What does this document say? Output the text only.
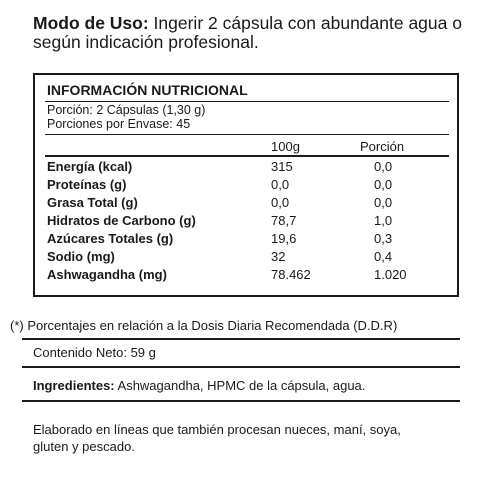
Modo de Uso: Ingerir 2 cápsula con abundante agua o según indicación profesional.
INFORMACIÓN NUTRICIONAL
Porción: 2 Cápsulas (1,30 g)
Porciones por Envase: 45
100g	Porción
Energía (kcal)	315	0,0
Proteínas (g)	0,0	0,0
Grasa Total (g)	0,0	0,0
Hidratos de Carbono (g)	78,7	1,0
Azúcares Totales (g)	19,6	0,3
Sodio (mg)	32	0,4
Ashwagandha (mg)	78.462	1.020
(*) Porcentajes en relación a la Dosis Diaria Recomendada (D.D.R)
Contenido Neto: 59 g
Ingredientes: Ashwagandha, HPMC de la cápsula, agua.
Elaborado en líneas que también procesan nueces, maní, soya, gluten y pescado.
